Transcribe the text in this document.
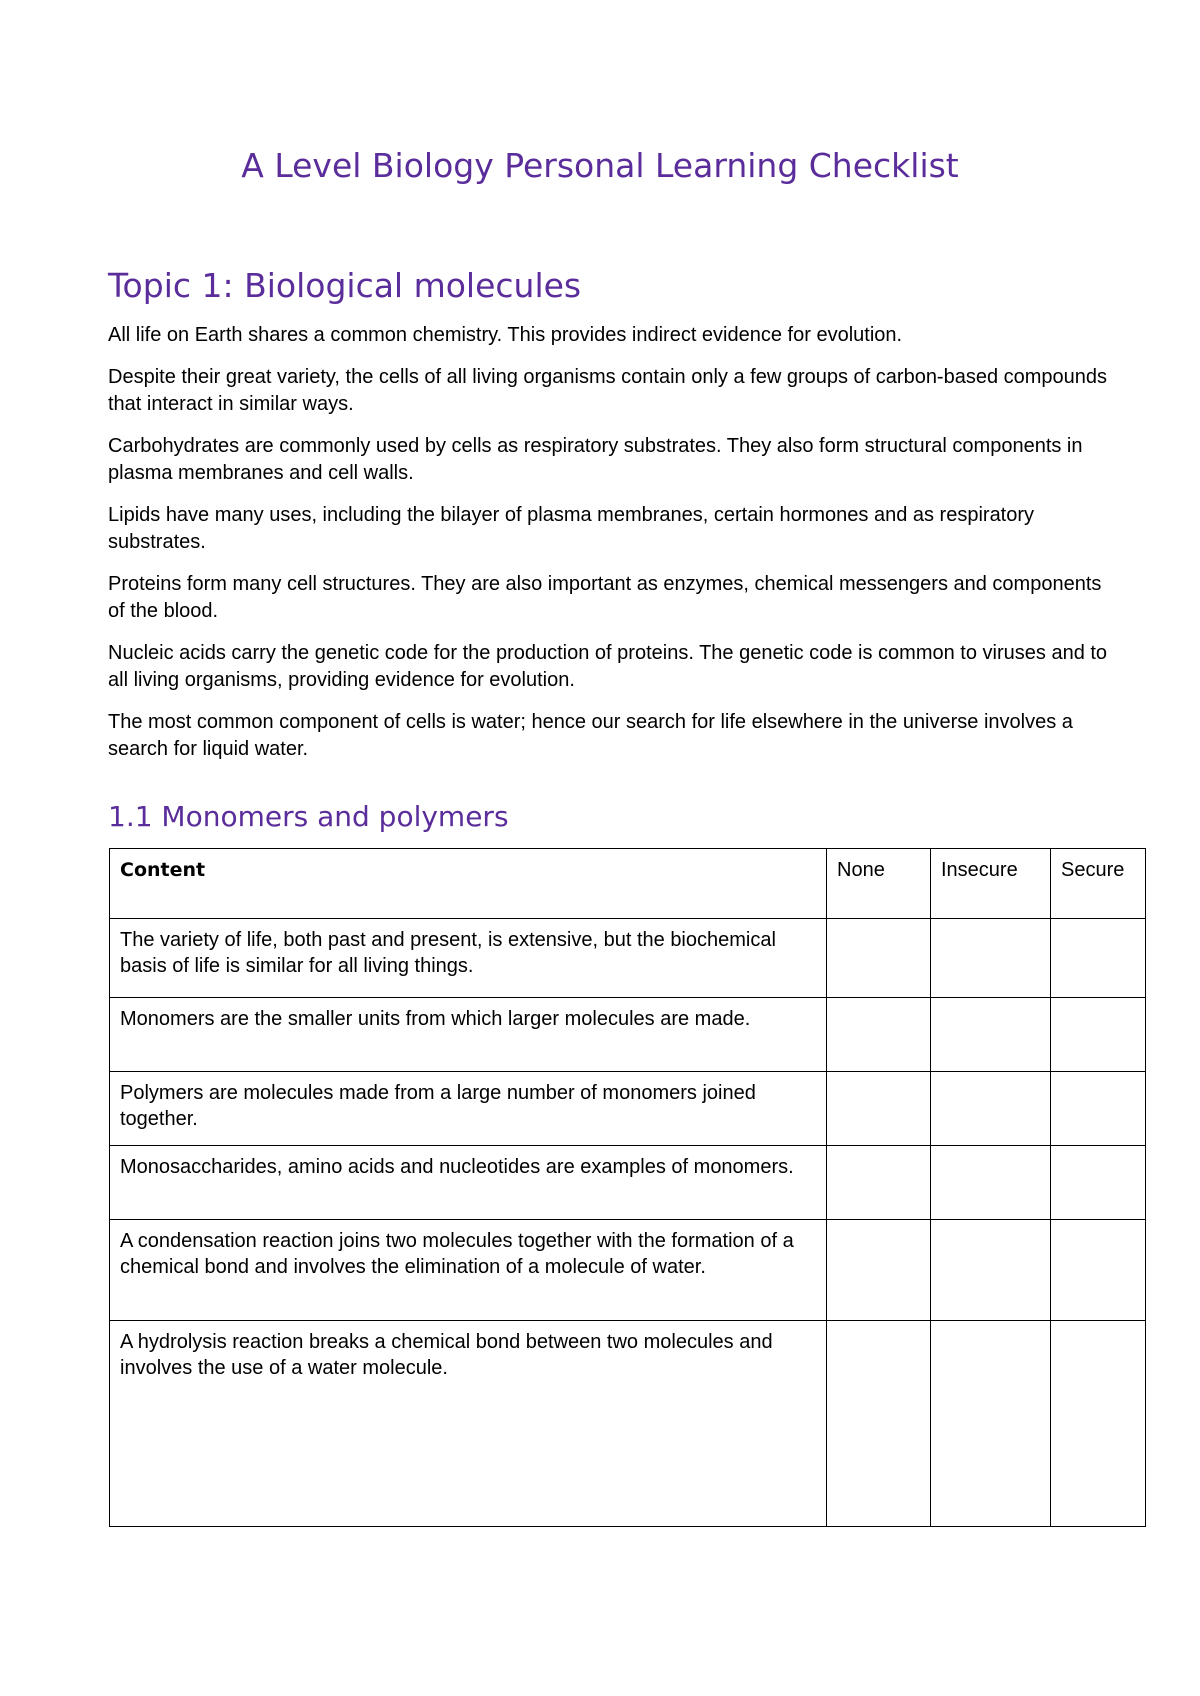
A Level Biology Personal Learning Checklist
Topic 1: Biological molecules

All life on Earth shares a common chemistry. This provides indirect evidence for evolution.

Despite their great variety, the cells of all living organisms contain only a few groups of carbon-based compounds that interact in similar ways.

Carbohydrates are commonly used by cells as respiratory substrates. They also form structural components in plasma membranes and cell walls.

Lipids have many uses, including the bilayer of plasma membranes, certain hormones and as respiratory substrates.

Proteins form many cell structures. They are also important as enzymes, chemical messengers and components of the blood.

Nucleic acids carry the genetic code for the production of proteins. The genetic code is common to viruses and to all living organisms, providing evidence for evolution.

The most common component of cells is water; hence our search for life elsewhere in the universe involves a search for liquid water.

1.1 Monomers and polymers
Content	None	Insecure	Secure
The variety of life, both past and present, is extensive, but the biochemical basis of life is similar for all living things.			
Monomers are the smaller units from which larger molecules are made.			
Polymers are molecules made from a large number of monomers joined together.			
Monosaccharides, amino acids and nucleotides are examples of monomers.			
A condensation reaction joins two molecules together with the formation of a chemical bond and involves the elimination of a molecule of water.			
A hydrolysis reaction breaks a chemical bond between two molecules and involves the use of a water molecule.			
